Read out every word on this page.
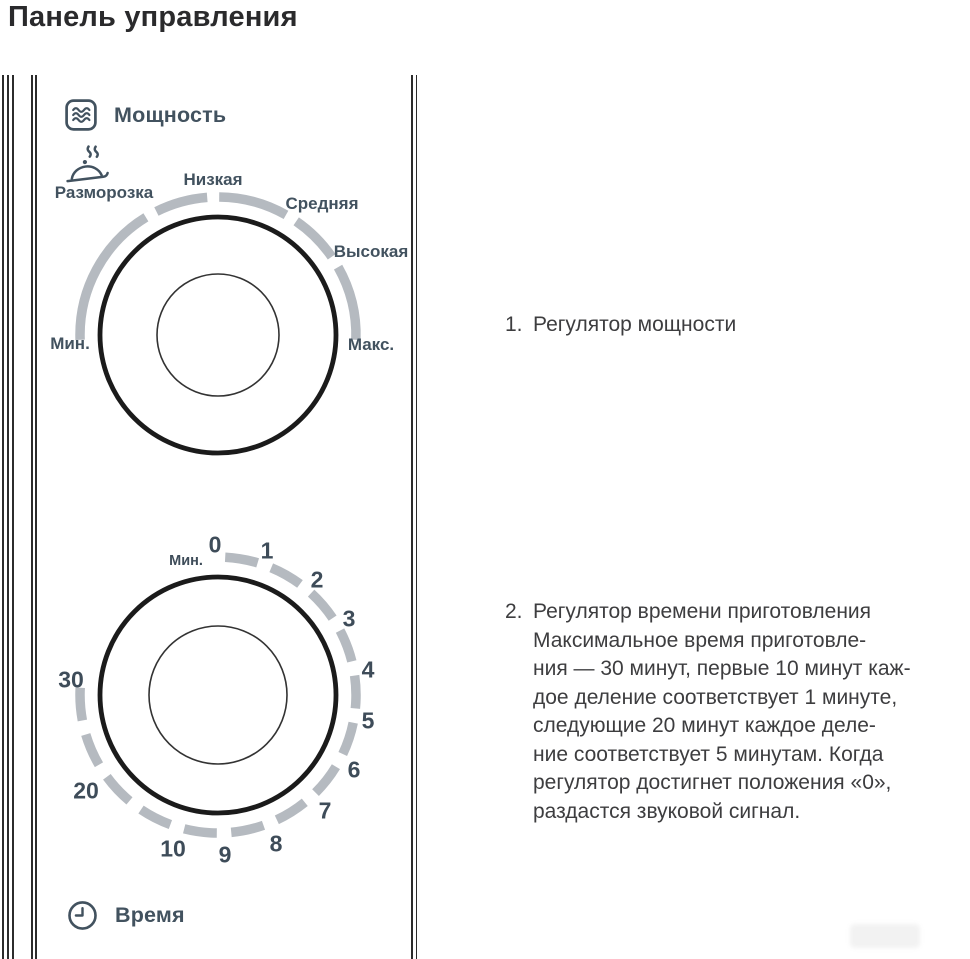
Панель управления
Мощность
Разморозка
Низкая
Средняя
Высокая
Мин.	Макс.
Мин.
0 1
2
3
4
5
6
7
8
9
10
20
30
Время
1. Регулятор мощности
2. Регулятор времени приготовления
Максимальное время приготовле-
ния — 30 минут, первые 10 минут каж-
дое деление соответствует 1 минуте,
следующие 20 минут каждое деле-
ние соответствует 5 минутам. Когда
регулятор достигнет положения «0»,
раздастся звуковой сигнал.
